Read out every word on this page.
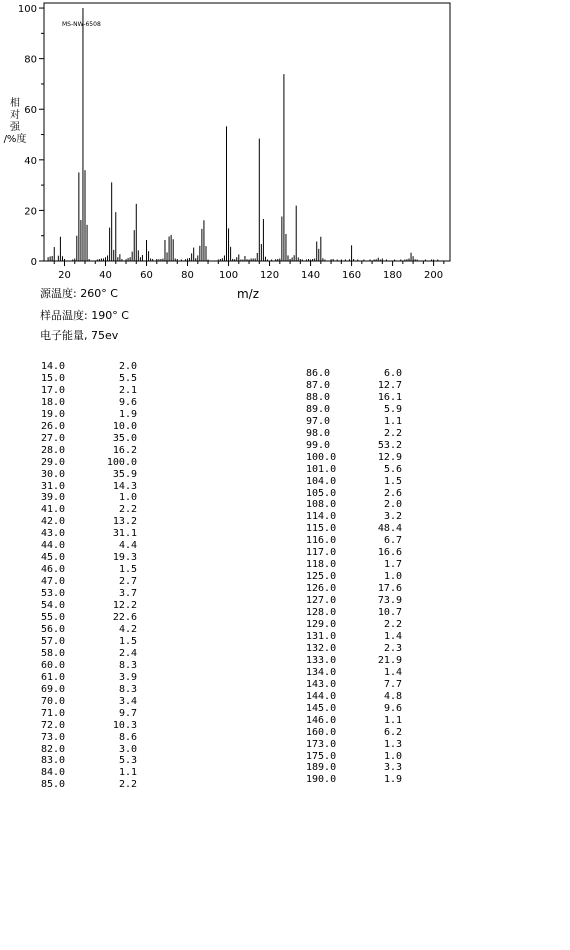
20	40	60	80	100 120 140 160 180 200
0
20
40
60
80
100
MS-NW-6508
m/z
相对强/%度
源温度: 260° C
样品温度: 190° C
电子能量, 75ev
14.0	2.0
15.0	5.5
17.0	2.1
18.0	9.6
19.0	1.9
26.0	10.0
27.0	35.0
28.0	16.2
29.0	100.0
30.0	35.9
31.0	14.3
39.0	1.0
41.0	2.2
42.0	13.2
43.0	31.1
44.0	4.4
45.0	19.3
46.0	1.5
47.0	2.7
53.0	3.7
54.0	12.2
55.0	22.6
56.0	4.2
57.0	1.5
58.0	2.4
60.0	8.3
61.0	3.9
69.0	8.3
70.0	3.4
71.0	9.7
72.0	10.3
73.0	8.6
82.0	3.0
83.0	5.3
84.0	1.1
85.0	2.2
86.0	6.0
87.0	12.7
88.0	16.1
89.0	5.9
97.0	1.1
98.0	2.2
99.0	53.2
100.0	12.9
101.0	5.6
104.0	1.5
105.0	2.6
108.0	2.0
114.0	3.2
115.0	48.4
116.0	6.7
117.0	16.6
118.0	1.7
125.0	1.0
126.0	17.6
127.0	73.9
128.0	10.7
129.0	2.2
131.0	1.4
132.0	2.3
133.0	21.9
134.0	1.4
143.0	7.7
144.0	4.8
145.0	9.6
146.0	1.1
160.0	6.2
173.0	1.3
175.0	1.0
189.0	3.3
190.0	1.9
